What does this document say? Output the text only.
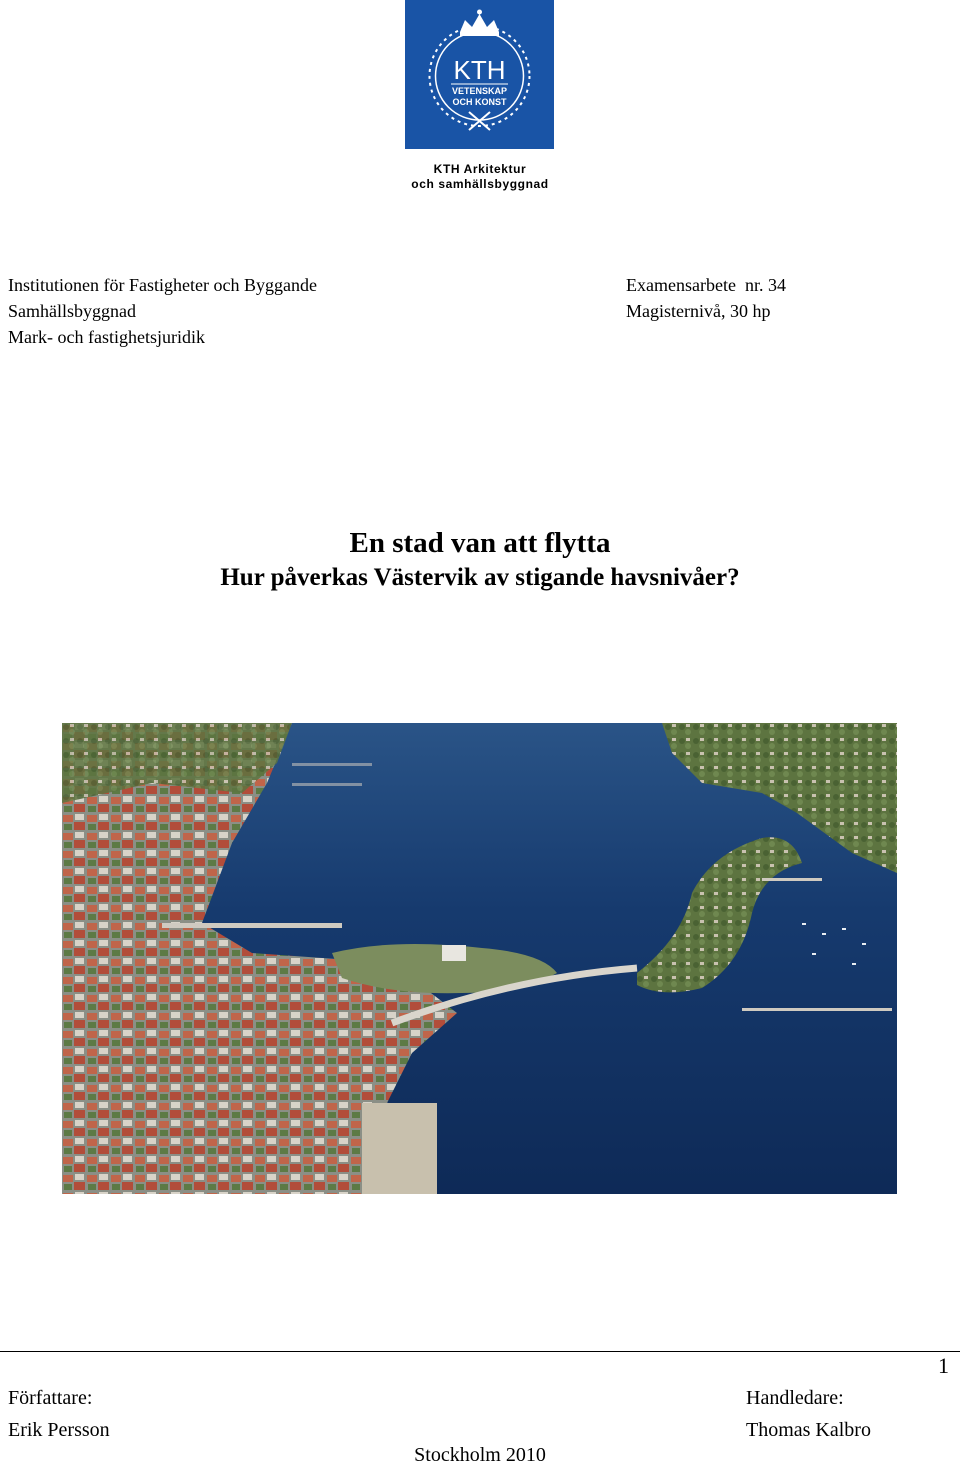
KTH
VETENSKAP
OCH KONST
KTH Arkitektur
och samhällsbyggnad
Institutionen för Fastigheter och Byggande
Samhällsbyggnad
Mark- och fastighetsjuridik
Examensarbete  nr. 34
Magisternivå, 30 hp
En stad van att flytta
Hur påverkas Västervik av stigande havsnivåer?
1
Författare:
Erik Persson
Handledare:
Thomas Kalbro
Stockholm 2010
